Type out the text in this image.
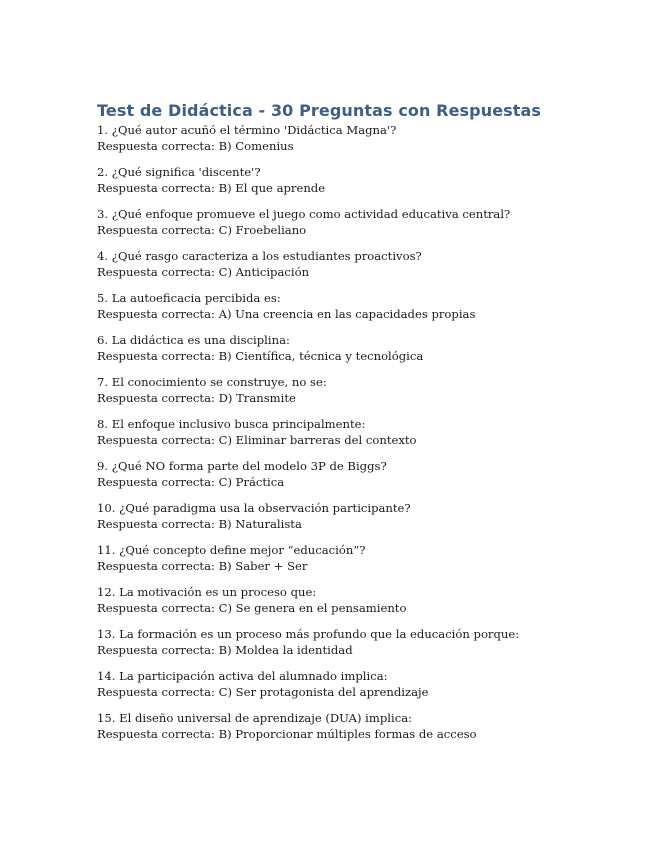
Test de Didáctica - 30 Preguntas con Respuestas
1. ¿Qué autor acuñó el término 'Didáctica Magna'?
Respuesta correcta: B) Comenius
2. ¿Qué significa 'discente'?
Respuesta correcta: B) El que aprende
3. ¿Qué enfoque promueve el juego como actividad educativa central?
Respuesta correcta: C) Froebeliano
4. ¿Qué rasgo caracteriza a los estudiantes proactivos?
Respuesta correcta: C) Anticipación
5. La autoeficacia percibida es:
Respuesta correcta: A) Una creencia en las capacidades propias
6. La didáctica es una disciplina:
Respuesta correcta: B) Científica, técnica y tecnológica
7. El conocimiento se construye, no se:
Respuesta correcta: D) Transmite
8. El enfoque inclusivo busca principalmente:
Respuesta correcta: C) Eliminar barreras del contexto
9. ¿Qué NO forma parte del modelo 3P de Biggs?
Respuesta correcta: C) Práctica
10. ¿Qué paradigma usa la observación participante?
Respuesta correcta: B) Naturalista
11. ¿Qué concepto define mejor “educación”?
Respuesta correcta: B) Saber + Ser
12. La motivación es un proceso que:
Respuesta correcta: C) Se genera en el pensamiento
13. La formación es un proceso más profundo que la educación porque:
Respuesta correcta: B) Moldea la identidad
14. La participación activa del alumnado implica:
Respuesta correcta: C) Ser protagonista del aprendizaje
15. El diseño universal de aprendizaje (DUA) implica:
Respuesta correcta: B) Proporcionar múltiples formas de acceso
